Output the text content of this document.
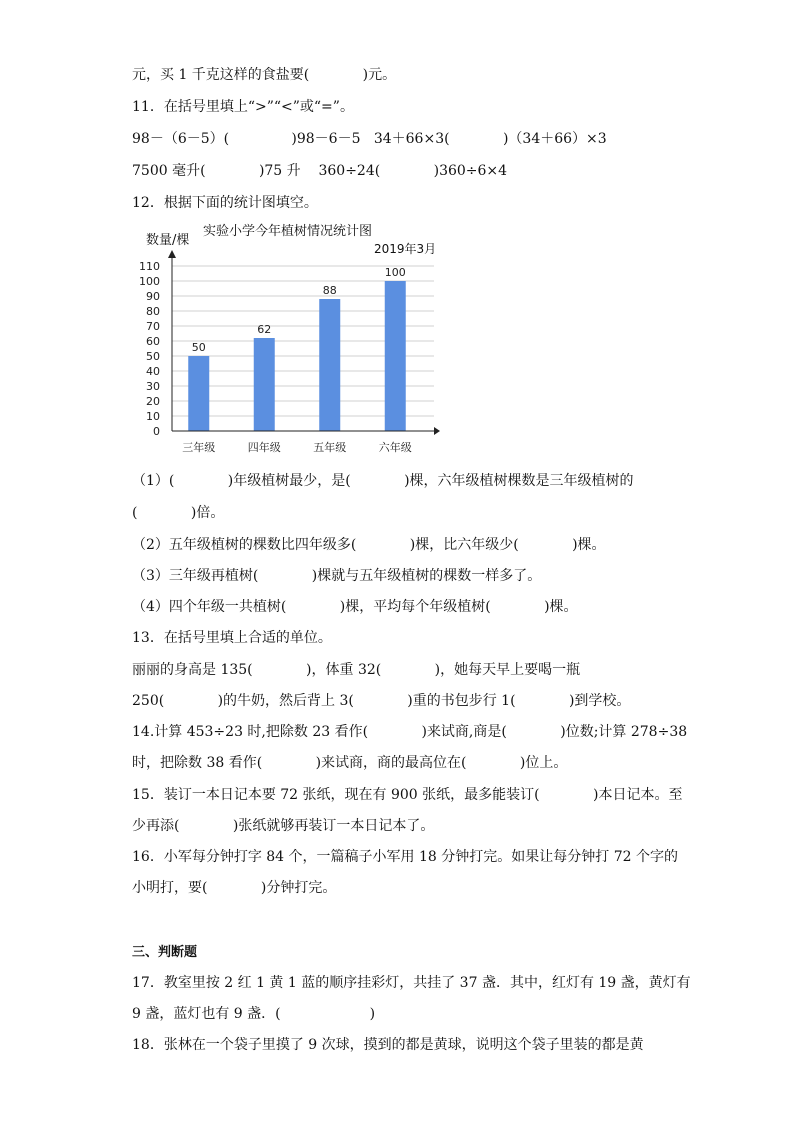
元，买 1 千克这样的食盐要(            )元。
11．在括号里填上“>”“<”或“=”。
98－（6－5）(              )98－6－5   34＋66×3(            )（34＋66）×3
7500 毫升(            )75 升    360÷24(            )360÷6×4
12．根据下面的统计图填空。
实验小学今年植树情况统计图
2019年3月
数量/棵
0
10
20
30
40
50
60
70
80
90
100
110
50
62
88
100
三年级	四年级	五年级	六年级
（1）(            )年级植树最少，是(            )棵，六年级植树棵数是三年级植树的
(            )倍。
（2）五年级植树的棵数比四年级多(            )棵，比六年级少(            )棵。
（3）三年级再植树(            )棵就与五年级植树的棵数一样多了。
（4）四个年级一共植树(            )棵，平均每个年级植树(            )棵。
13．在括号里填上合适的单位。
丽丽的身高是 135(            )，体重 32(            )，她每天早上要喝一瓶
250(            )的牛奶，然后背上 3(            )重的书包步行 1(            )到学校。
14.计算 453÷23 时,把除数 23 看作(            )来试商,商是(            )位数;计算 278÷38
时，把除数 38 看作(            )来试商，商的最高位在(            )位上。
15．装订一本日记本要 72 张纸，现在有 900 张纸，最多能装订(            )本日记本。至
少再添(            )张纸就够再装订一本日记本了。
16．小军每分钟打字 84 个，一篇稿子小军用 18 分钟打完。如果让每分钟打 72 个字的
小明打，要(            )分钟打完。
三、判断题
17．教室里按 2 红 1 黄 1 蓝的顺序挂彩灯，共挂了 37 盏．其中，红灯有 19 盏，黄灯有
9 盏，蓝灯也有 9 盏．(                    )
18．张林在一个袋子里摸了 9 次球，摸到的都是黄球，说明这个袋子里装的都是黄
